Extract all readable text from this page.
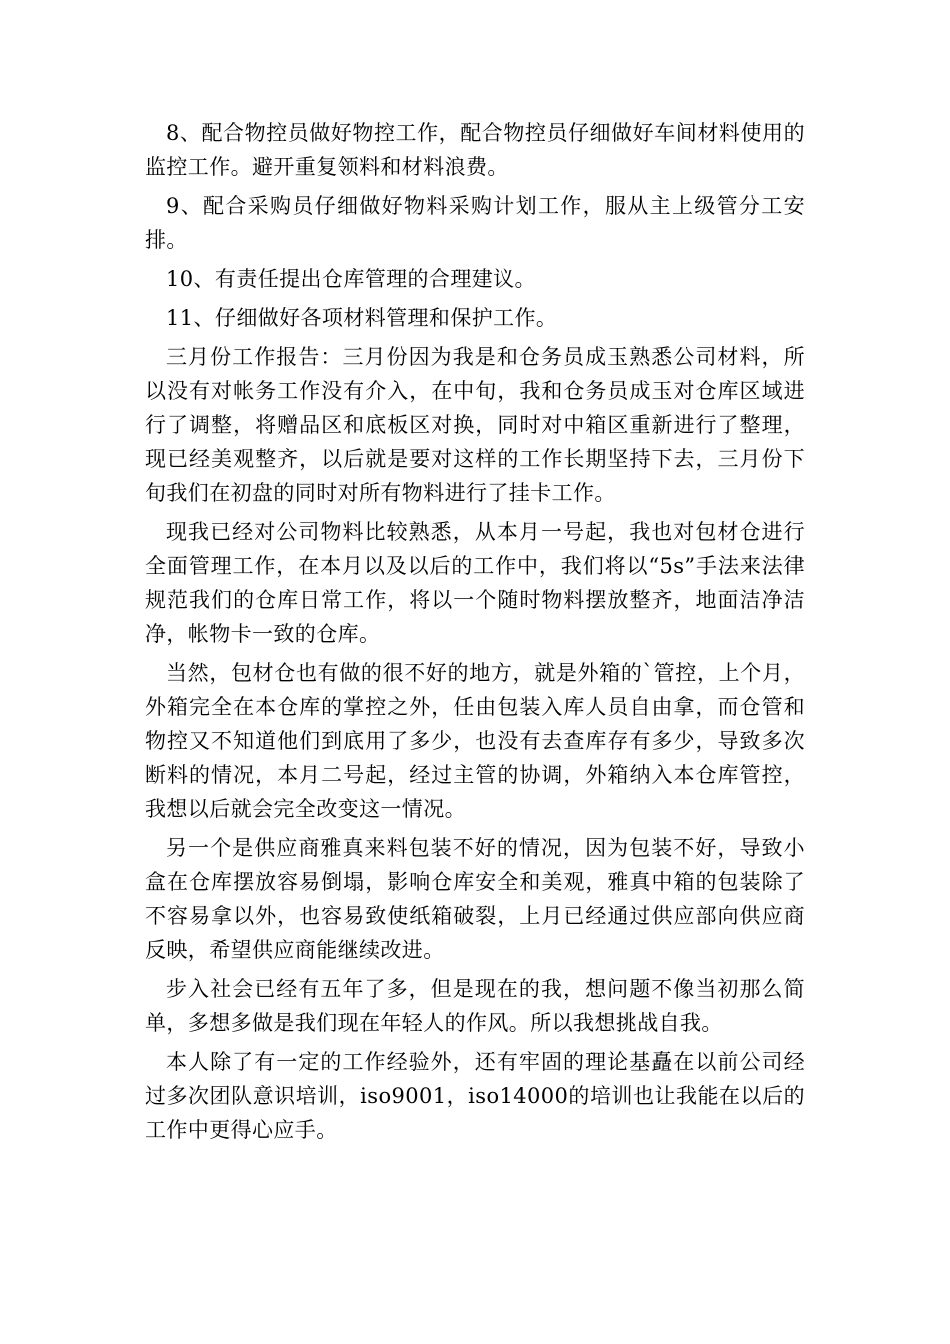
8、配合物控员做好物控工作，配合物控员仔细做好车间材料使用的监控工作。避开重复领料和材料浪费。

9、配合采购员仔细做好物料采购计划工作，服从主上级管分工安排。

10、有责任提出仓库管理的合理建议。

11、仔细做好各项材料管理和保护工作。

三月份工作报告：三月份因为我是和仓务员成玉熟悉公司材料，所以没有对帐务工作没有介入，在中旬，我和仓务员成玉对仓库区域进行了调整，将赠品区和底板区对换，同时对中箱区重新进行了整理，现已经美观整齐，以后就是要对这样的工作长期坚持下去，三月份下旬我们在初盘的同时对所有物料进行了挂卡工作。

现我已经对公司物料比较熟悉，从本月一号起，我也对包材仓进行全面管理工作，在本月以及以后的工作中，我们将以“5s”手法来法律规范我们的仓库日常工作，将以一个随时物料摆放整齐，地面洁净洁净，帐物卡一致的仓库。

当然，包材仓也有做的很不好的地方，就是外箱的`管控，上个月，外箱完全在本仓库的掌控之外，任由包装入库人员自由拿，而仓管和物控又不知道他们到底用了多少，也没有去查库存有多少，导致多次断料的情况，本月二号起，经过主管的协调，外箱纳入本仓库管控，我想以后就会完全改变这一情况。

另一个是供应商雅真来料包装不好的情况，因为包装不好，导致小盒在仓库摆放容易倒塌，影响仓库安全和美观，雅真中箱的包装除了不容易拿以外，也容易致使纸箱破裂，上月已经通过供应部向供应商反映，希望供应商能继续改进。

步入社会已经有五年了多，但是现在的我，想问题不像当初那么简单，多想多做是我们现在年轻人的作风。所以我想挑战自我。

本人除了有一定的工作经验外，还有牢固的理论基矗在以前公司经过多次团队意识培训，iso9001，iso14000的培训也让我能在以后的工作中更得心应手。
